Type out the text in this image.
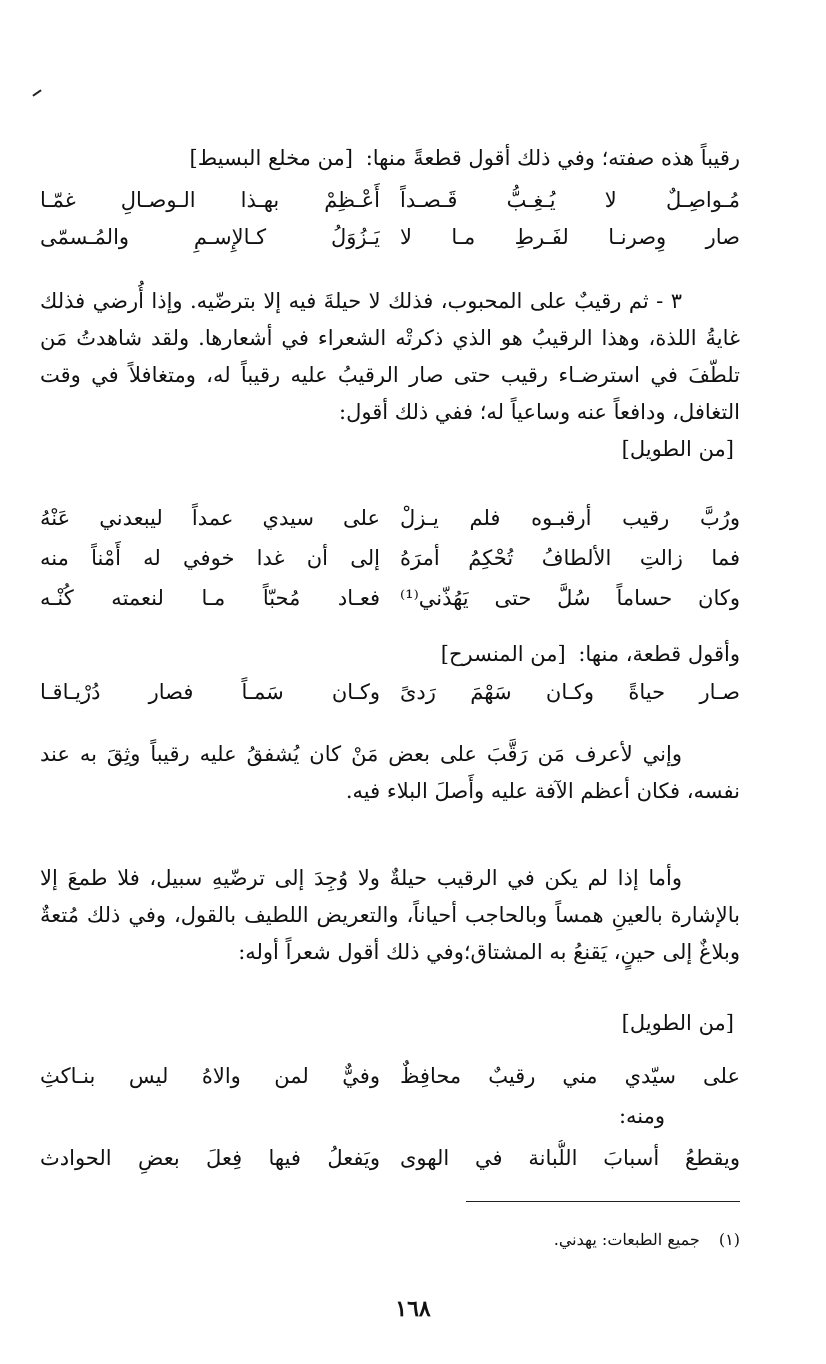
رقيباً هذه صفته؛ وفي ذلك أقول قطعةً منها: [من مخلع البسيط]
مُـواصِـلٌ لا يُـغِـبُّ قَـصـداً
أَعْـظِمْ بهـذا الـوصـالِ غمّـا
صار وِصرنـا لفَـرطِ مـا لا
يَـزُوَلُ كـالإِسـمِ والمُـسمّى

٣ - ثم رقيبٌ على المحبوب، فذلك لا حيلةَ فيه إلا بترضّيه. وإذا أُرضي فذلك غايةُ اللذة، وهذا الرقيبُ هو الذي ذكرتْه الشعراء في أشعارها. ولقد شاهدتُ مَن تلطّفَ في استرضـاء رقيب حتى صار الرقيبُ عليه رقيباً له، ومتغافلاً في وقت التغافل، ودافعاً عنه وساعياً له؛ ففي ذلك أقول:

[من الطويل]
ورُبَّ رقيب أرقبـوه فلم يـزلْ
على سيدي عمداً ليبعدني عَنْهُ
فما زالتِ الألطافُ تُحْكِمُ أمرَهُ
إلى أن غدا خوفي له أَمْناً منه
وكان حساماً سُلَّ حتى يَهُذّني⁽¹⁾
فعـاد مُحبّاً مـا لنعمته كُنْـه
وأقول قطعة، منها: [من المنسرح]
صـار حياةً وكـان سَهْمَ رَدىً
وكـان سَمـاً فصار دُرْيـاقـا

وإني لأعرف مَن رَقَّبَ على بعض مَنْ كان يُشفقُ عليه رقيباً وثِقَ به عند نفسه، فكان أعظم الآفة عليه وأَصلَ البلاء فيه.

وأما إذا لم يكن في الرقيب حيلةٌ ولا وُجِدَ إلى ترضّيهِ سبيل، فلا طمعَ إلا بالإشارة بالعينِ همساً وبالحاجب أحياناً، والتعريض اللطيف بالقول، وفي ذلك مُتعةٌ وبلاغٌ إلى حينٍ، يَقنعُ به المشتاق؛وفي ذلك أقول شعراً أوله:

[من الطويل]
على سيّدي مني رقيبٌ محافِظٌ
وفيٌّ لمن والاهُ ليس بنـاكثِ
ومنه:
ويقطعُ أسبابَ اللُّبانة في الهوى
ويَفعلُ فيها فِعلَ بعضِ الحوادث
(١) جميع الطبعات: يهدني.
١٦٨
